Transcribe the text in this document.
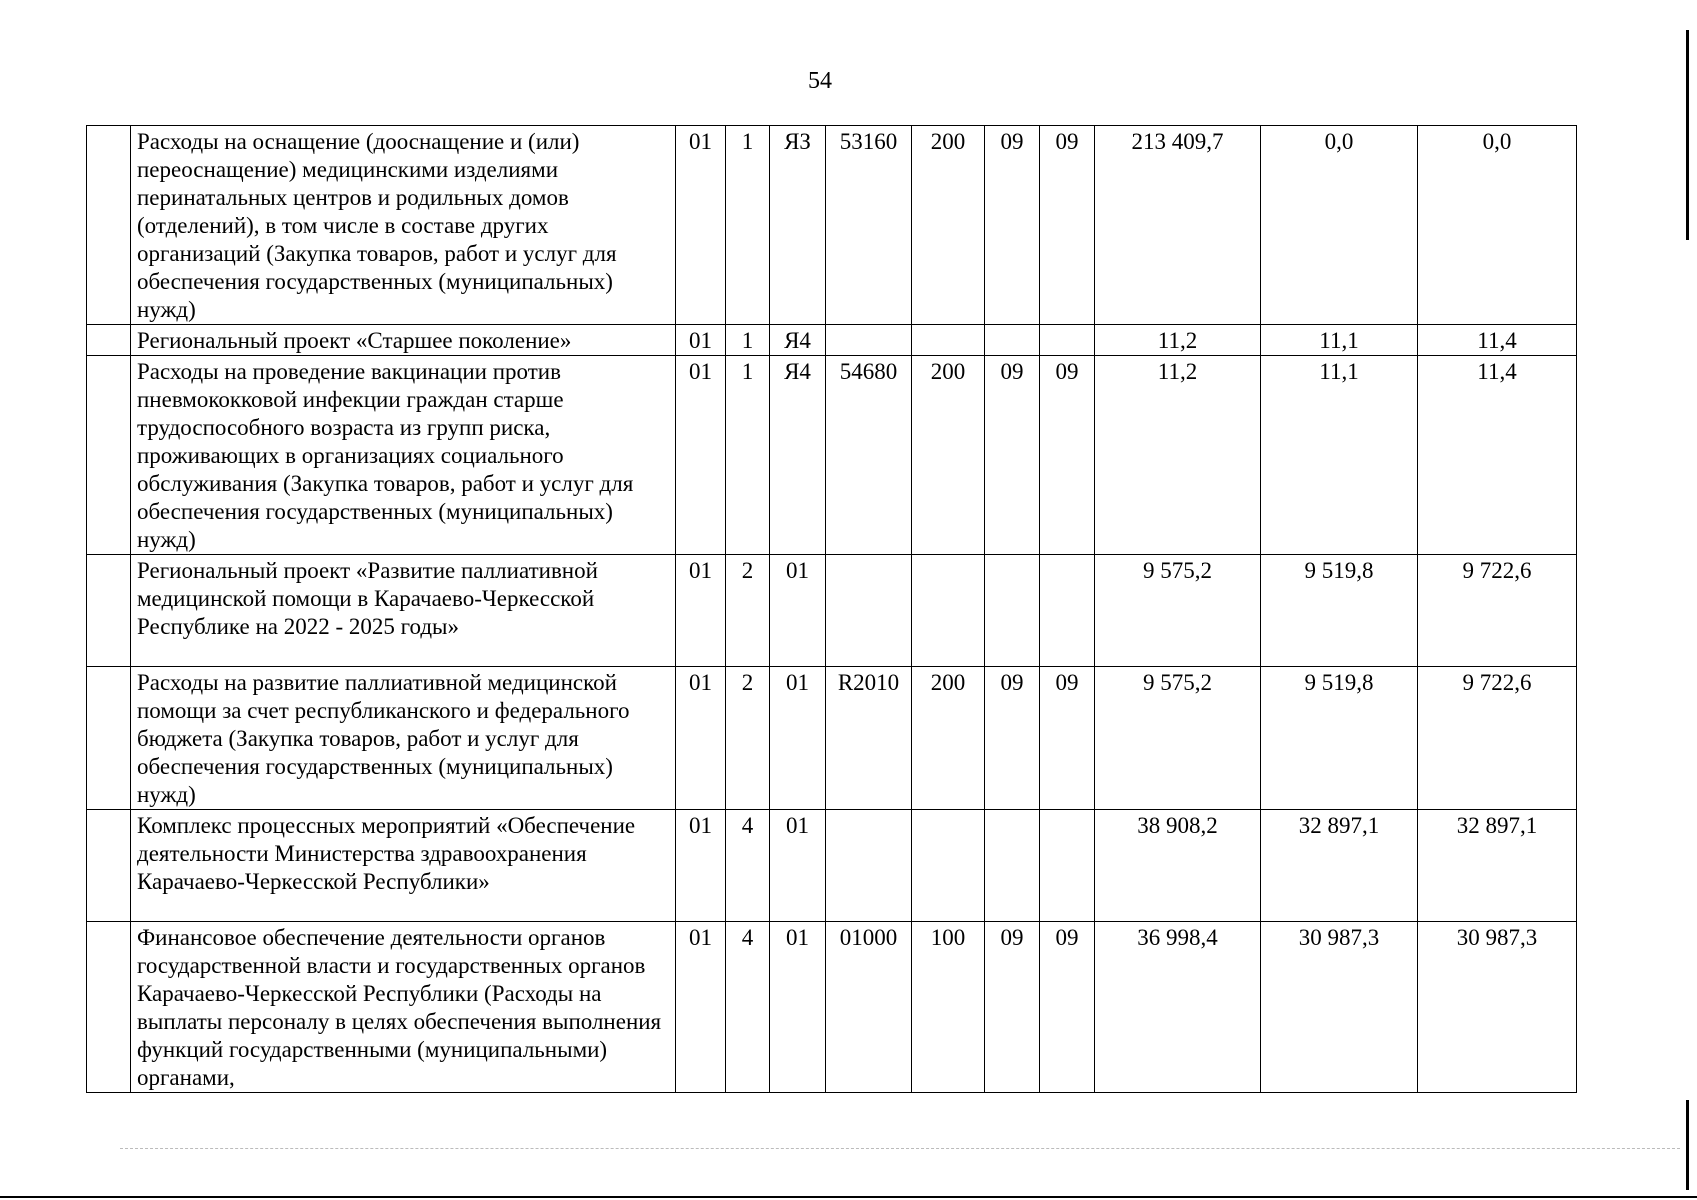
54
	Расходы на оснащение (дооснащение и (или) переоснащение) медицинскими изделиями перинатальных центров и родильных домов (отделений), в том числе в составе других организаций (Закупка товаров, работ и услуг для обеспечения государственных (муниципальных) нужд)	01	1	ЯЗ	53160	200	09	09	213 409,7	0,0	0,0
	Региональный проект «Старшее поколение»	01	1	Я4					11,2	11,1	11,4
	Расходы на проведение вакцинации против пневмококковой инфекции граждан старше трудоспособного возраста из групп риска, проживающих в организациях социального обслуживания (Закупка товаров, работ и услуг для обеспечения государственных (муниципальных) нужд)	01	1	Я4	54680	200	09	09	11,2	11,1	11,4
	Региональный проект «Развитие паллиативной медицинской помощи в Карачаево-Черкесской Республике на 2022 - 2025 годы»	01	2	01					9 575,2	9 519,8	9 722,6
	Расходы на развитие паллиативной медицинской помощи за счет республиканского и федерального бюджета (Закупка товаров, работ и услуг для обеспечения государственных (муниципальных) нужд)	01	2	01	R2010	200	09	09	9 575,2	9 519,8	9 722,6
	Комплекс процессных мероприятий «Обеспечение деятельности Министерства здравоохранения Карачаево-Черкесской Республики»	01	4	01					38 908,2	32 897,1	32 897,1
	Финансовое обеспечение деятельности органов государственной власти и государственных органов Карачаево-Черкесской Республики (Расходы на выплаты персоналу в целях обеспечения выполнения функций государственными (муниципальными) органами,	01	4	01	01000	100	09	09	36 998,4	30 987,3	30 987,3
